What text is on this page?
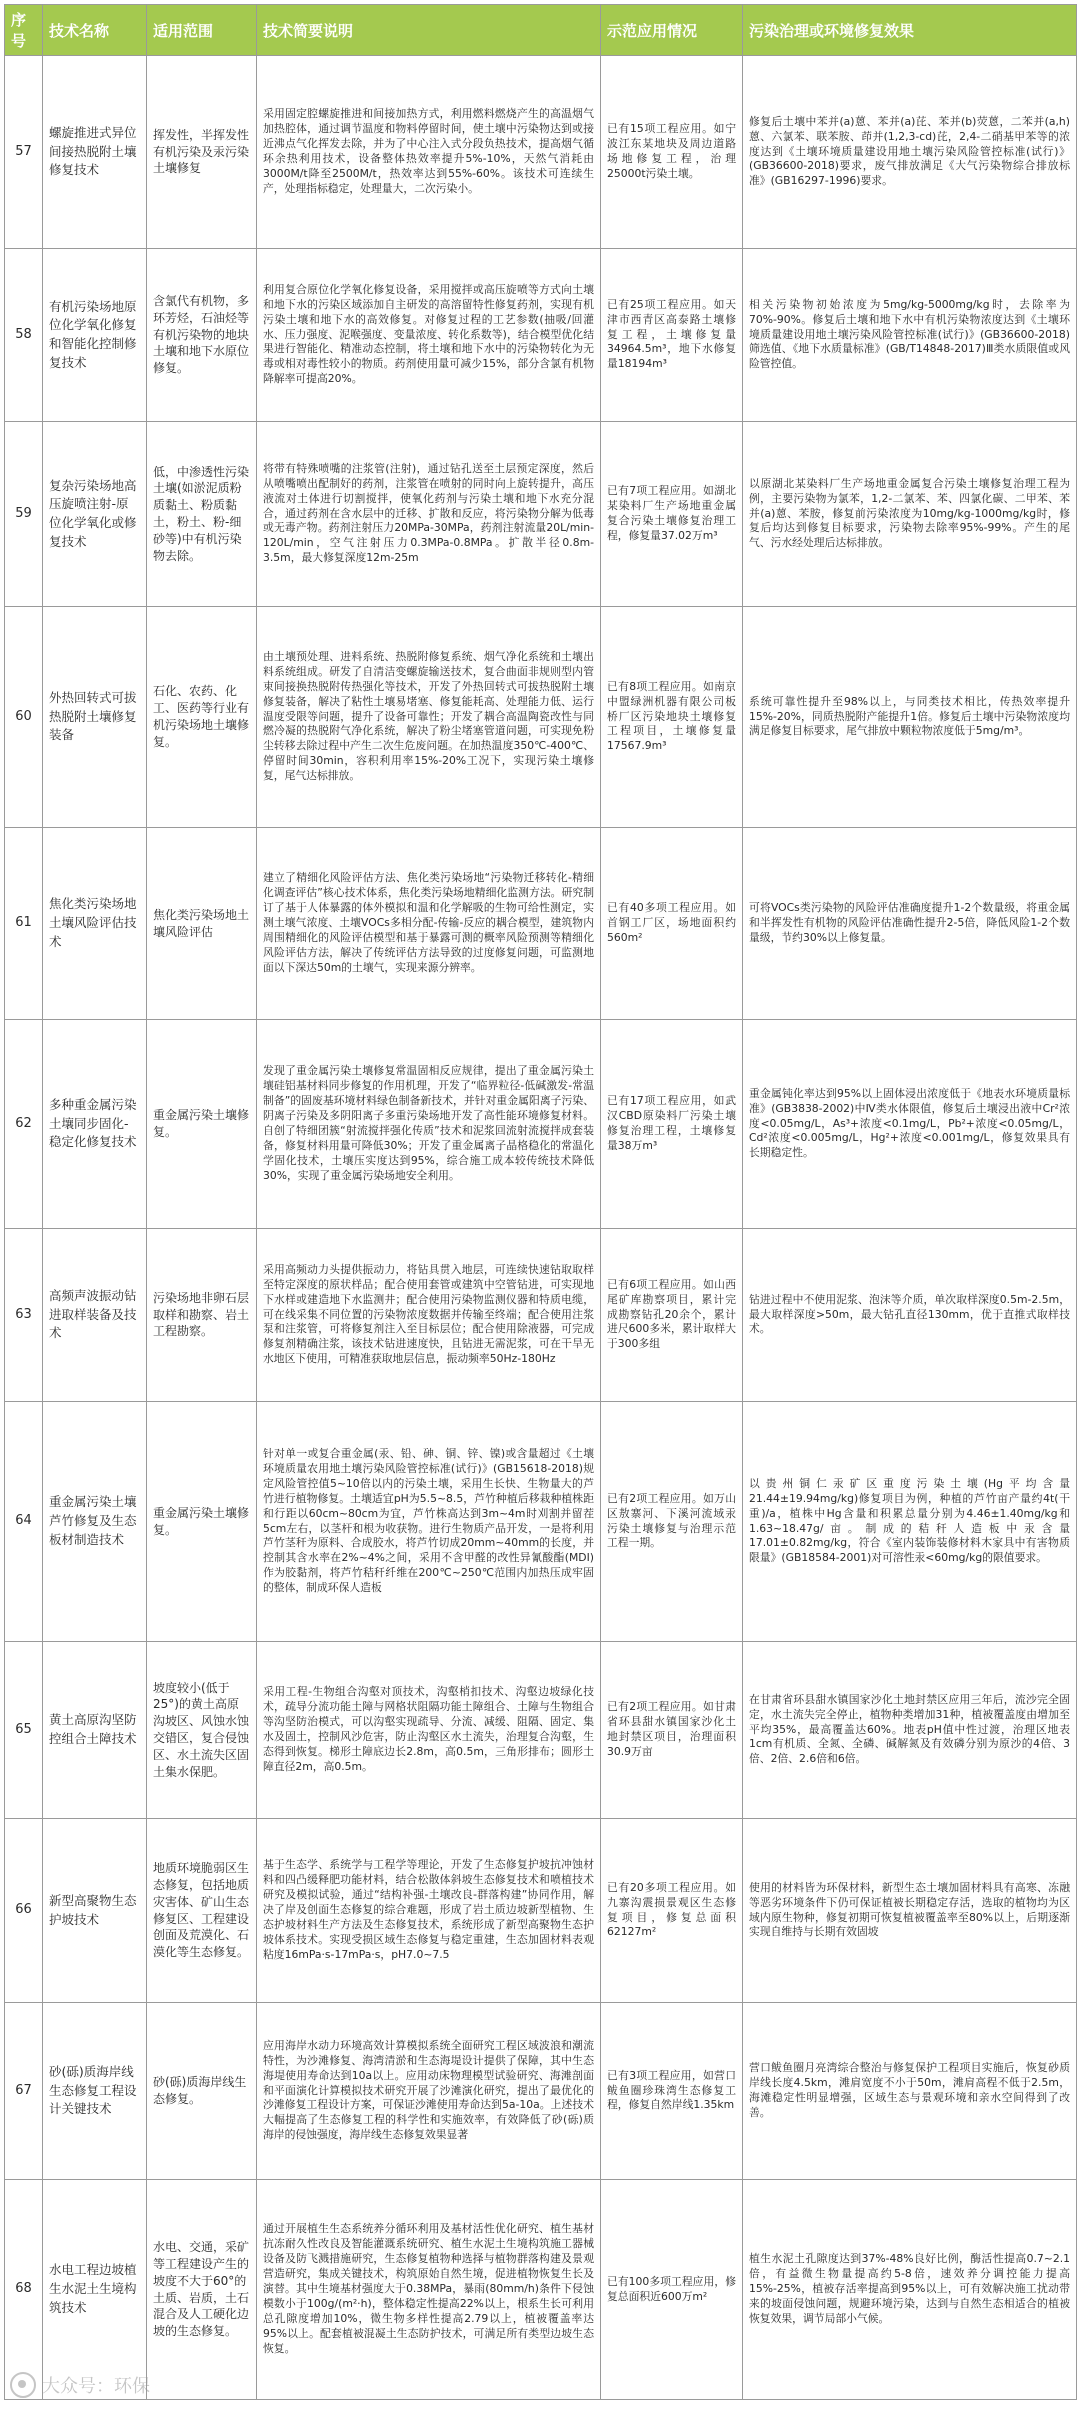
序号	技术名称	适用范围	技术简要说明	示范应用情况	污染治理或环境修复效果
57	螺旋推进式异位间接热脱附土壤修复技术	挥发性，半挥发性有机污染及汞污染土壤修复	采用固定腔螺旋推进和间接加热方式，利用燃料燃烧产生的高温烟气加热腔体，通过调节温度和物料停留时间，使土壤中污染物达到或接近沸点气化挥发去除，并为了中心注入式分段负热技术，提高烟气循环余热利用技术，设备整体热效率提升5%-10%，天然气消耗由3000M/t降至2500M/t，热效率达到55%-60%。该技术可连续生产，处理指标稳定，处理量大，二次污染小。	已有15项工程应用。如宁波江东某地块及周边道路场地修复工程，治理25000t污染土壤。	修复后土壤中苯并(a)蒽、苯并(a)芘、苯并(b)荧蒽，二苯并(a,h)蒽、六氯苯、联苯胺、茚并(1,2,3-cd)芘，2,4-二硝基甲苯等的浓度达到《土壤环境质量建设用地土壤污染风险管控标准(试行)》(GB36600-2018)要求，废气排放满足《大气污染物综合排放标准》(GB16297-1996)要求。
58	有机污染场地原位化学氧化修复和智能化控制修复技术	含氯代有机物，多环芳烃，石油烃等有机污染物的地块土壤和地下水原位修复。	利用复合原位化学氧化修复设备，采用搅拌或高压旋喷等方式向土壤和地下水的污染区域添加自主研发的高溶留特性修复药剂，实现有机污染土壤和地下水的高效修复。对修复过程的工艺参数(抽吸/回灌水、压力强度、泥喉强度、变量浓度、转化系数等)，结合模型优化结果进行智能化、精准动态控制，将土壤和地下水中的污染物转化为无毒或相对毒性较小的物质。药剂使用量可减少15%，部分含氯有机物降解率可提高20%。	已有25项工程应用。如天津市西青区高泰路土壤修复工程，土壤修复量34964.5m³，地下水修复量18194m³	相关污染物初始浓度为5mg/kg-5000mg/kg时，去除率为70%-90%。修复后土壤和地下水中有机污染物浓度达到《土壤环境质量建设用地土壤污染风险管控标准(试行)》(GB36600-2018)筛选值、《地下水质量标准》(GB/T14848-2017)Ⅲ类水质限值或风险管控值。
59	复杂污染场地高压旋喷注射-原位化学氧化或修复技术	低，中渗透性污染土壤(如淤泥质粉质黏土、粉质黏土，粉土、粉-细砂等)中有机污染物去除。	将带有特殊喷嘴的注浆管(注射)，通过钻孔送至土层预定深度，然后从喷嘴喷出配制好的药剂，注浆管在喷射的同时向上旋转提升，高压液流对土体进行切割搅拌，使氧化药剂与污染土壤和地下水充分混合，通过药剂在含水层中的迁移、扩散和反应，将污染物分解为低毒或无毒产物。药剂注射压力20MPa-30MPa，药剂注射流量20L/min-120L/min，空气注射压力0.3MPa-0.8MPa。扩散半径0.8m-3.5m，最大修复深度12m-25m	已有7项工程应用。如湖北某染料厂生产场地重金属复合污染土壤修复治理工程，修复量37.02万m³	以原湖北某染料厂生产场地重金属复合污染土壤修复治理工程为例，主要污染物为氯苯，1,2-二氯苯、苯、四氯化碳、二甲苯、苯并(a)蒽、苯胺，修复前污染浓度为10mg/kg-1000mg/kg时，修复后均达到修复目标要求，污染物去除率95%-99%。产生的尾气、污水经处理后达标排放。
60	外热回转式可拔热脱附土壤修复装备	石化、农药、化工、医药等行业有机污染场地土壤修复。	由土壤预处理、进料系统、热脱附修复系统、烟气净化系统和土壤出料系统组成。研发了自清洁变螺旋输送技术，复合曲面非规则型内管束间接换热脱附传热强化等技术，开发了外热回转式可拔热脱附土壤修复装备，解决了粘性土壤易堵塞、修复能耗高、处理能力低、运行温度受限等问题，提升了设备可靠性；开发了耦合高温陶瓷改性与同燃冷凝的热脱附气净化系统，解决了粉尘堵塞管道问题，可实现免粉尘转移去除过程中产生二次生危废问题。在加热温度350℃-400℃、停留时间30min，容积利用率15%-20%工况下，实现污染土壤修复，尾气达标排放。	已有8项工程应用。如南京中盟绿洲机器有限公司板桥厂区污染地块土壤修复工程项目，土壤修复量17567.9m³	系统可靠性提升至98%以上，与同类技术相比，传热效率提升15%-20%，同质热脱附产能提升1倍。修复后土壤中污染物浓度均满足修复目标要求，尾气排放中颗粒物浓度低于5mg/m³。
61	焦化类污染场地土壤风险评估技术	焦化类污染场地土壤风险评估	建立了精细化风险评估方法、焦化类污染场地“污染物迁移转化-精细化调查评估”核心技术体系，焦化类污染场地精细化监测方法。研究制订了基于人体暴露的体外模拟和温和化学解吸的生物可给性测定，实测土壤气浓度、土壤VOCs多相分配-传输-反应的耦合模型，建筑物内周围精细化的风险评估模型和基于暴露可测的概率风险预测等精细化风险评估方法，解决了传统评估方法导致的过度修复问题，可监测地面以下深达50m的土壤气，实现来源分辨率。	已有40多项工程应用。如首钢工厂区，场地面积约560m²	可将VOCs类污染物的风险评估准确度提升1-2个数量级，将重金属和半挥发性有机物的风险评估准确性提升2-5倍，降低风险1-2个数量级，节约30%以上修复量。
62	多种重金属污染土壤同步固化-稳定化修复技术	重金属污染土壤修复。	发现了重金属污染土壤修复常温固相反应规律，提出了重金属污染土壤硅铝基材料同步修复的作用机理，开发了“临界粒径-低碱激发-常温制备”的固废基环境材料绿色制备新技术，并针对重金属阳离子污染、阴离子污染及多阴阳离子多重污染场地开发了高性能环境修复材料。自创了特细团簇“射流搅拌强化传质”技术和泥浆回流射流搅拌成套装备，修复材料用量可降低30%；开发了重金属离子晶格稳化的常温化学固化技术，土壤压实度达到95%，综合施工成本较传统技术降低30%，实现了重金属污染场地安全利用。	已有17项工程应用，如武汉CBD原染料厂污染土壤修复治理工程，土壤修复量38万m³	重金属钝化率达到95%以上固体浸出浓度低于《地表水环境质量标准》(GB3838-2002)中Ⅳ类水体限值，修复后土壤浸出液中Cr²浓度<0.05mg/L，As³+浓度<0.1mg/L，Pb²+浓度<0.05mg/L，Cd²浓度<0.005mg/L，Hg²+浓度<0.001mg/L，修复效果具有长期稳定性。
63	高频声波振动钻进取样装备及技术	污染场地非卵石层取样和勘察、岩土工程勘察。	采用高频动力头提供振动力，将钻具贯入地层，可连续快速钻取取样至特定深度的原状样品；配合使用套管或建筑中空管钻进，可实现地下水样或建造地下水监测井；配合使用污染物监测仪器和特质电缆，可在线采集不同位置的污染物浓度数据并传输至终端；配合使用注浆泵和注浆管，可将修复剂注入至目标层位；配合使用除液器，可完成修复剂精确注浆，该技术钻进速度快，且钻进无需泥浆，可在干旱无水地区下使用，可精准获取地层信息，振动频率50Hz-180Hz	已有6项工程应用。如山西尾矿库勘察项目，累计完成勘察钻孔20余个，累计进尺600多米，累计取样大于300多组	钻进过程中不使用泥浆、泡沫等介质，单次取样深度0.5m-2.5m，最大取样深度>50m，最大钻孔直径130mm，优于直推式取样技术。
64	重金属污染土壤芦竹修复及生态板材制造技术	重金属污染土壤修复。	针对单一或复合重金属(汞、铅、砷、铜、锌、镍)或含量超过《土壤环境质量农用地土壤污染风险管控标准(试行)》(GB15618-2018)规定风险管控值5~10倍以内的污染土壤，采用生长快、生物量大的芦竹进行植物修复。土壤适宜pH为5.5~8.5，芦竹种植后移栽种植株距和行距以60cm~80cm为宜，芦竹株高达到3m~4m时刈割并留茬5cm左右，以茎杆和根为收获物。进行生物质产品开发，一是将利用芦竹茎秆为原料、合成胶水，将芦竹切成20mm~40mm的长度，并控制其含水率在2%~4%之间，采用不含甲醛的改性异氰酸酯(MDI)作为胶黏剂，将芦竹秸秆纤维在200℃~250℃范围内加热压成牢固的整体，制成环保人造板	已有2项工程应用。如万山区敖寨河、下溪河流域汞污染土壤修复与治理示范工程一期。	以贵州铜仁汞矿区重度污染土壤(Hg平均含量21.44±19.94mg/kg)修复项目为例，种植的芦竹亩产量约4t(干重)/a，植株中Hg含量和积累总量分别为4.46±1.40mg/kg和1.63~18.47g/亩。制成的秸秆人造板中汞含量17.01±0.82mg/kg，符合《室内装饰装修材料木家具中有害物质限量》(GB18584-2001)对可溶性汞<60mg/kg的限值要求。
65	黄土高原沟坚防控组合土障技术	坡度较小(低于25°)的黄土高原沟坡区、风蚀水蚀交错区，复合侵蚀区、水土流失区固土集水保肥。	采用工程-生物组合沟壑对顶技术，沟壑梢扣技术、沟壑边坡绿化技术，疏导分流功能土障与网格状阻隔功能土障组合、土障与生物组合等沟坚防治模式，可以沟壑实现疏导、分流、减缓、阻隔、固定、集水及固土，控制风沙危害，防止沟壑区水土流失，治理复合沟壑，生态得到恢复。梯形土障底边长2.8m，高0.5m，三角形排布；圆形土障直径2m，高0.5m。	已有2项工程应用。如甘肃省环县甜水镇国家沙化土地封禁区项目，治理面积30.9万亩	在甘肃省环县甜水镇国家沙化土地封禁区应用三年后，流沙完全固定，水土流失完全停止，植物种类增加31种，植被覆盖度由增加至平均35%，最高覆盖达60%。地表pH值中性过渡，治理区地表1cm有机质、全氮、全磷、碱解氮及有效磷分别为原沙的4倍、3倍、2倍、2.6倍和6倍。
66	新型高聚物生态护坡技术	地质环境脆弱区生态修复，包括地质灾害体、矿山生态修复区、工程建设创面及荒漠化、石漠化等生态修复。	基于生态学、系统学与工程学等理论，开发了生态修复护坡抗冲蚀材料和四凸缓释肥功能材料，结合松散体斜坡生态修复技术和喷植技术研究及模拟试验，通过“结构补强-土壤改良-群落构建”协同作用，解决了岸及创面生态修复的综合难题，形成了岩土质边坡新型植物、生态护坡材料生产方法及生态修复技术，系统形成了新型高聚物生态护坡体系技术。实现受损区域生态修复与稳定重建，生态加固材料表观粘度16mPa·s-17mPa·s，pH7.0~7.5	已有20多项工程应用。如九寨沟震损景观区生态修复项目，修复总面积62127m²	使用的材料皆为环保材料，新型生态土壤加固材料具有高寒、冻融等恶劣环境条件下仍可保证植被长期稳定存活，选取的植物均为区域内原生物种，修复初期可恢复植被覆盖率至80%以上，后期逐渐实现自维持与长期有效固坡
67	砂(砾)质海岸线生态修复工程设计关键技术	砂(砾)质海岸线生态修复。	应用海岸水动力环境高效计算模拟系统全面研究工程区域波浪和潮流特性，为沙滩修复、海湾清淤和生态海堤设计提供了保障，其中生态海堤使用寿命达到10a以上。应用动床物理模型试验研究、海滩剖面和平面演化计算模拟技术研究开展了沙滩演化研究，提出了最优化的沙滩修复工程设计方案，可保证沙滩使用寿命达到5a-10a。上述技术大幅提高了生态修复工程的科学性和实施效率，有效降低了砂(砾)质海岸的侵蚀强度，海岸线生态修复效果显著	已有3项工程应用，如营口鲅鱼圈珍珠湾生态修复工程，修复自然岸线1.35km	营口鲅鱼圈月亮湾综合整治与修复保护工程项目实施后，恢复砂质岸线长度4.5km，滩肩宽度不小于50m，滩肩高程不低于2.5m，海滩稳定性明显增强，区域生态与景观环境和亲水空间得到了改善。
68	水电工程边坡植生水泥土生境构筑技术	水电、交通，采矿等工程建设产生的坡度不大于60°的土质、岩质，土石混合及人工硬化边坡的生态修复。	通过开展植生生态系统养分循环利用及基材活性优化研究、植生基材抗冻耐久性改良及智能灌溉系统研究、植生水泥土生境构筑施工器械设备及防飞溅措施研究，生态修复植物种选择与植物群落构建及景观营造研究，集成关键技术，构筑原始自然生境，促进植物恢复生长及演替。其中生境基材强度大于0.38MPa，暴雨(80mm/h)条件下侵蚀模数小于100g/(m²·h)，整体稳定性提高22%以上，根系生长可利用总孔隙度增加10%，微生物多样性提高2.79以上，植被覆盖率达95%以上。配套植被混凝土生态防护技术，可满足所有类型边坡生态恢复。	已有100多项工程应用，修复总面积近600万m²	植生水泥土孔隙度达到37%-48%良好比例，酶活性提高0.7~2.1倍，有益微生物量提高约5-8倍，速效养分调控能力提高15%-25%，植被存活率提高到95%以上，可有效解决施工扰动带来的坡面侵蚀问题，规避环境污染，达到与自然生态相适合的植被恢复效果，调节局部小气候。
大众号：环保
